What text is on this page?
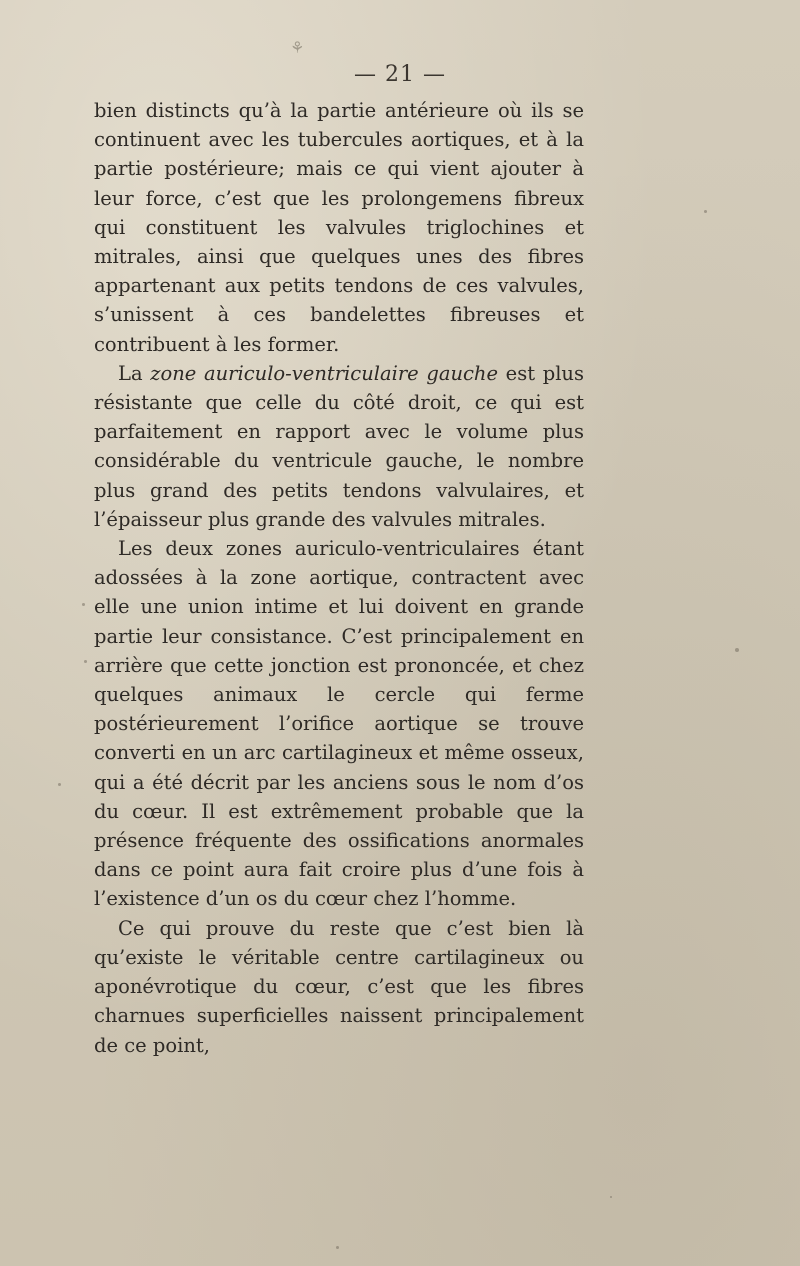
⚘
— 21 —

bien distincts qu’à la partie antérieure où ils se continuent avec les tubercules aortiques, et à la partie postérieure; mais ce qui vient ajouter à leur force, c’est que les prolongemens fibreux qui constituent les valvules triglochines et mitrales, ainsi que quelques unes des fibres appartenant aux petits tendons de ces valvules, s’unissent à ces bandelettes fibreuses et contribuent à les former.

La zone auriculo-ventriculaire gauche est plus résistante que celle du côté droit, ce qui est parfaitement en rapport avec le volume plus considérable du ventricule gauche, le nombre plus grand des petits tendons valvulaires, et l’épaisseur plus grande des valvules mitrales.

Les deux zones auriculo-ventriculaires étant adossées à la zone aortique, contractent avec elle une union intime et lui doivent en grande partie leur consistance. C’est principalement en arrière que cette jonction est prononcée, et chez quelques animaux le cercle qui ferme postérieurement l’orifice aortique se trouve converti en un arc cartilagineux et même osseux, qui a été décrit par les anciens sous le nom d’os du cœur. Il est extrêmement probable que la présence fréquente des ossifications anormales dans ce point aura fait croire plus d’une fois à l’existence d’un os du cœur chez l’homme.

Ce qui prouve du reste que c’est bien là qu’existe le véritable centre cartilagineux ou aponévrotique du cœur, c’est que les fibres charnues superficielles naissent principalement de ce point,
